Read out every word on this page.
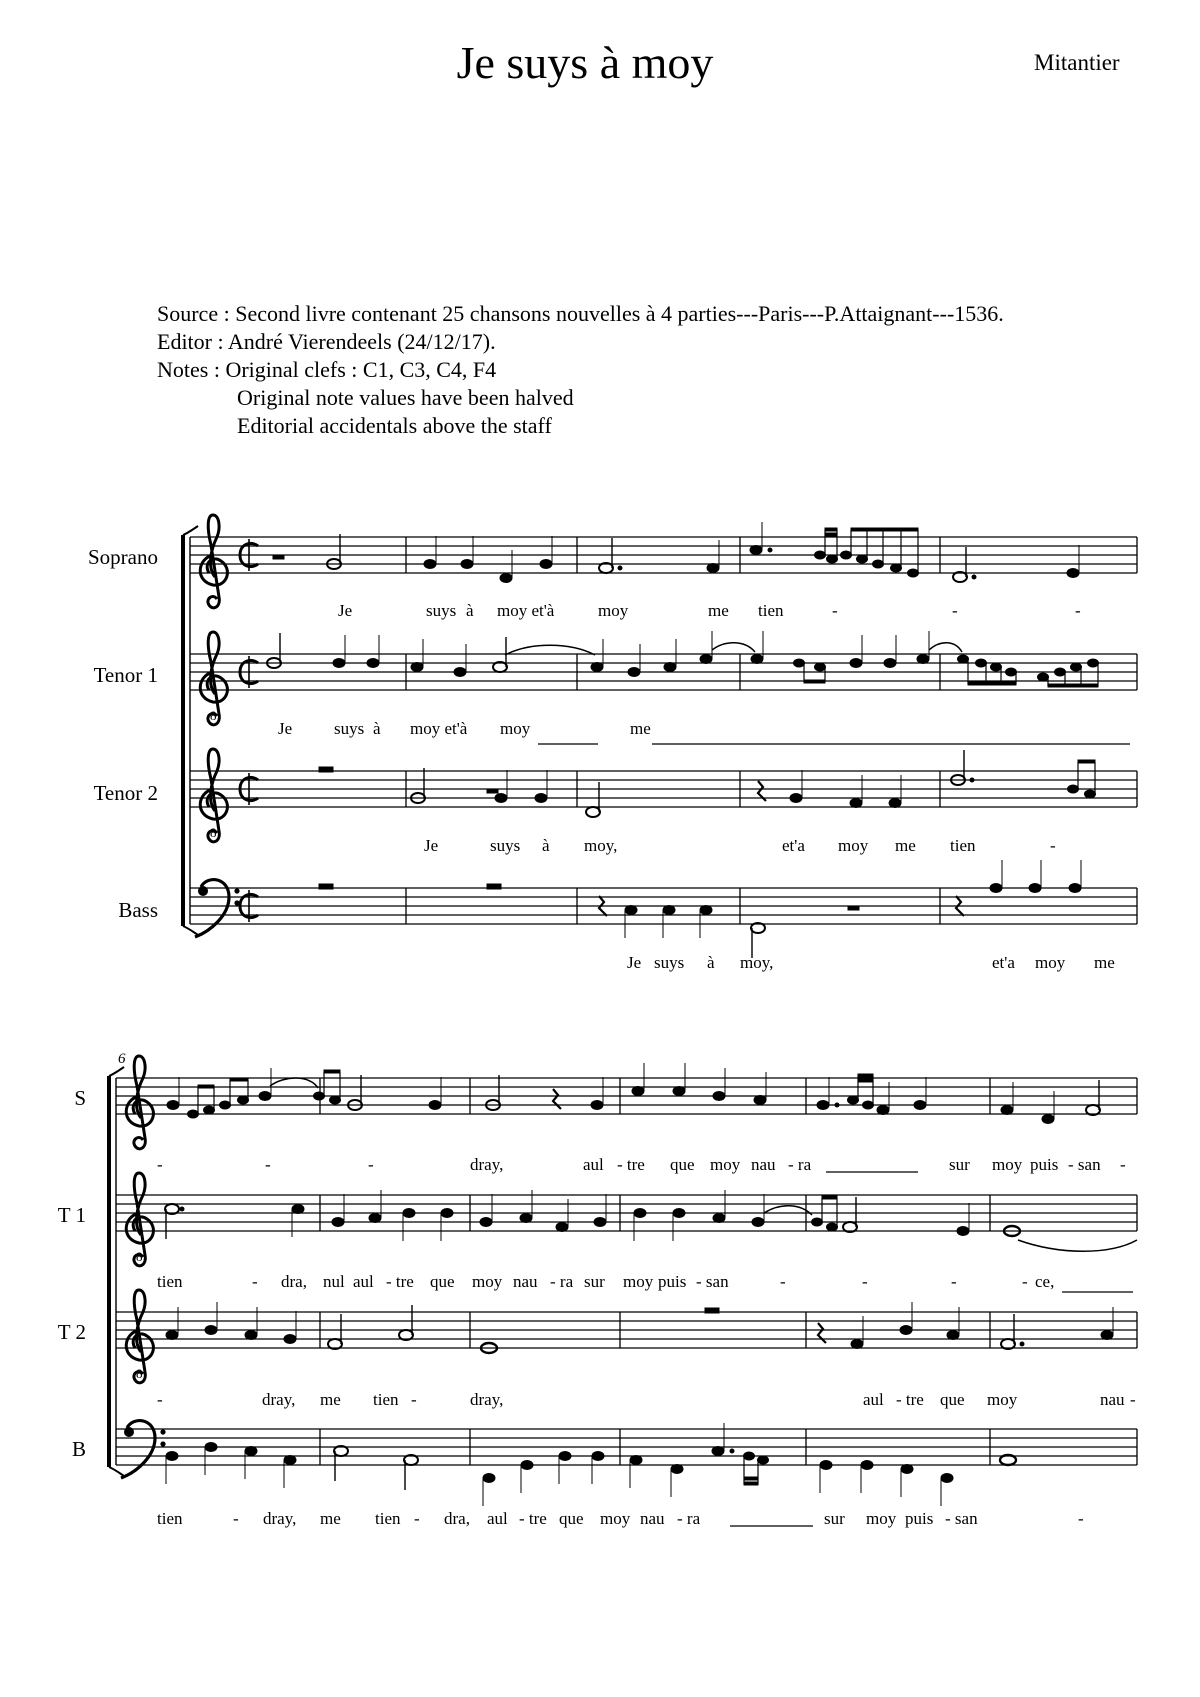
Je suys à moy	Mitantier
Source : Second livre contenant 25 chansons nouvelles à 4 parties---Paris---P.Attaignant---1536.
Editor : André Vierendeels (24/12/17).
Notes : Original clefs : C1, C3, C4, F4
Original note values have been halved
Editorial accidentals above the staff
8
8
8
8
Soprano
Tenor 1
Tenor 2
Bass
S
T 1
T 2
B
6
Je	suys à moy et'à	moy	me tien	-	-	-
Je suys à moy et'à moy	me
Je	suys à moy,	et'a moy me tien	-
Je suys à moy,	et'a moy me
-	-	-	dray,	aul - tre que moy nau - ra	sur moy puis - san -
tien	- dra, nul aul - tre que moy nau - ra sur moy puis - san	-	-	-	- ce,
-	dray, me tien -	dray,	aul - tre que moy	nau -
tien	- dray, me tien - dra, aul - tre que moy nau - ra	sur moy puis - san	-
